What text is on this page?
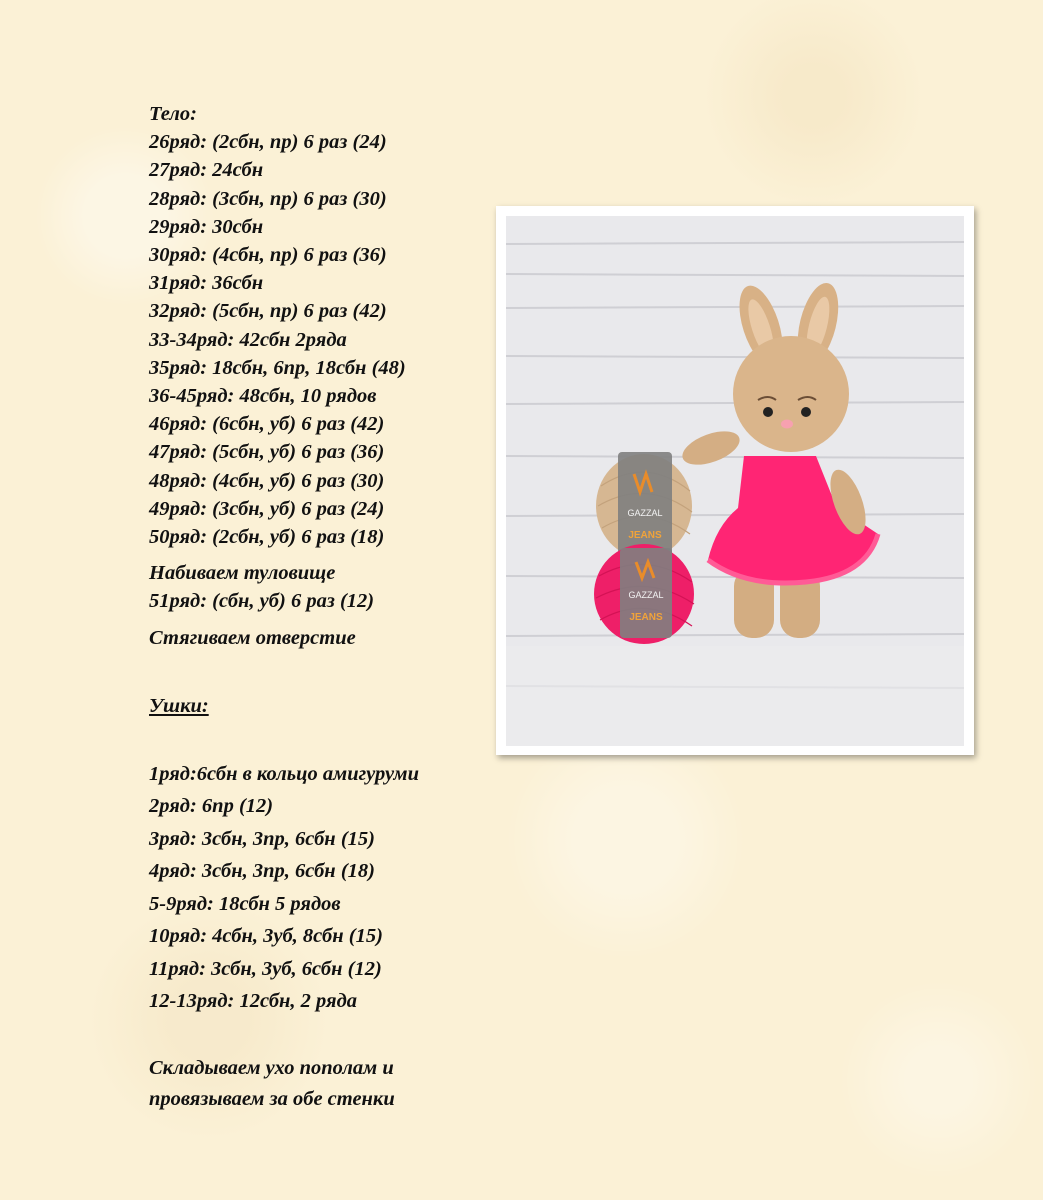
Тело:
26ряд: (2сбн, пр) 6 раз (24)
27ряд: 24сбн
28ряд: (3сбн, пр) 6 раз (30)
29ряд: 30сбн
30ряд: (4сбн, пр) 6 раз (36)
31ряд: 36сбн
32ряд: (5сбн, пр) 6 раз (42)
33-34ряд: 42сбн 2ряда
35ряд: 18сбн, 6пр, 18сбн (48)
36-45ряд: 48сбн, 10 рядов
46ряд: (6сбн, уб) 6 раз (42)
47ряд: (5сбн, уб) 6 раз (36)
48ряд: (4сбн, уб) 6 раз (30)
49ряд: (3сбн, уб) 6 раз (24)
50ряд: (2сбн, уб) 6 раз (18)
Набиваем туловище
51ряд: (сбн, уб) 6 раз (12)
Стягиваем отверстие
Ушки:
1ряд:6сбн в кольцо амигуруми
2ряд: 6пр (12)
3ряд: 3сбн, 3пр, 6сбн (15)
4ряд: 3сбн, 3пр, 6сбн (18)
5-9ряд: 18сбн 5 рядов
10ряд: 4сбн, 3уб, 8сбн (15)
11ряд: 3сбн, 3уб, 6сбн (12)
12-13ряд: 12сбн, 2 ряда
Складываем ухо пополам и
провязываем за обе стенки
GAZZAL
JEANS
GAZZAL
JEANS
